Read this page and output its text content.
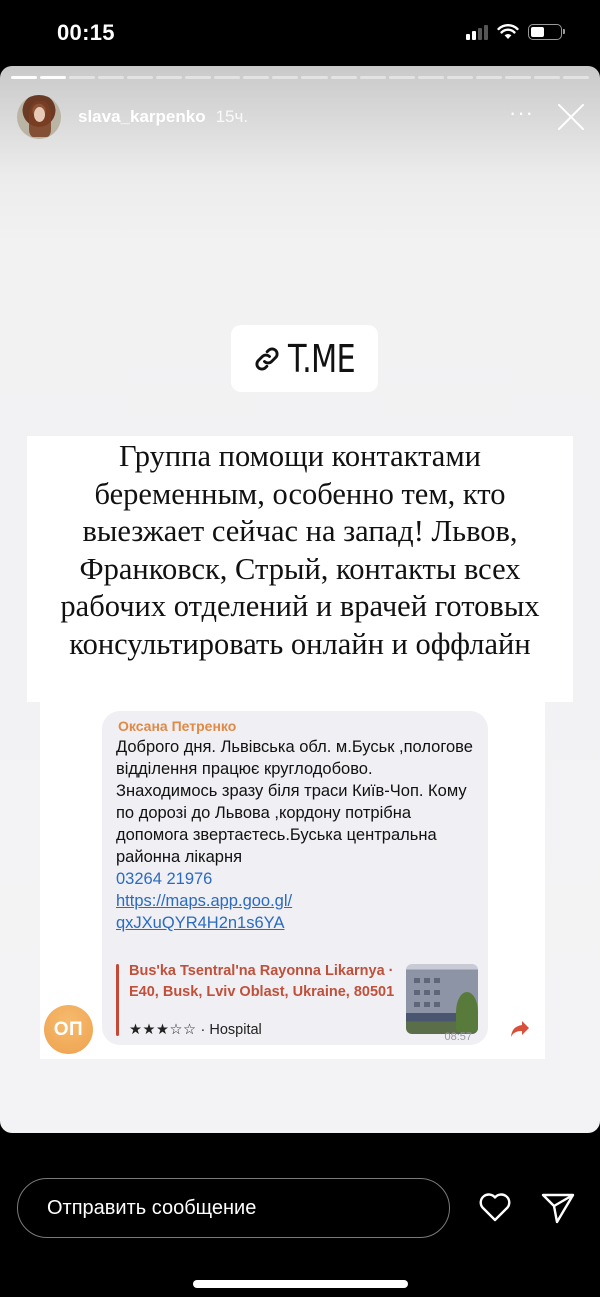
00:15
slava_karpenko 15ч.	···
T.ME
Группа помощи контактами беременным, особенно тем, кто выезжает сейчас на запад! Львов, Франковск, Стрый, контакты всех рабочих отделений и врачей готовых консультировать онлайн и оффлайн
Оксана Петренко
Доброго дня. Львівська обл. м.Буськ ,пологове відділення працює круглодобово. Знаходимось зразу біля траси Київ-Чоп. Кому по дорозі до Львова ,кордону потрібна допомога звертаєтесь.Буська центральна районна лікарня
03264 21976
https://maps.app.goo.gl/
qxJXuQYR4H2n1s6YA
Bus'ka Tsentral'na Rayonna Likarnya · E40, Busk, Lviv Oblast, Ukraine, 80501
★★★☆☆ · Hospital	08:57
ОП
Отправить сообщение
